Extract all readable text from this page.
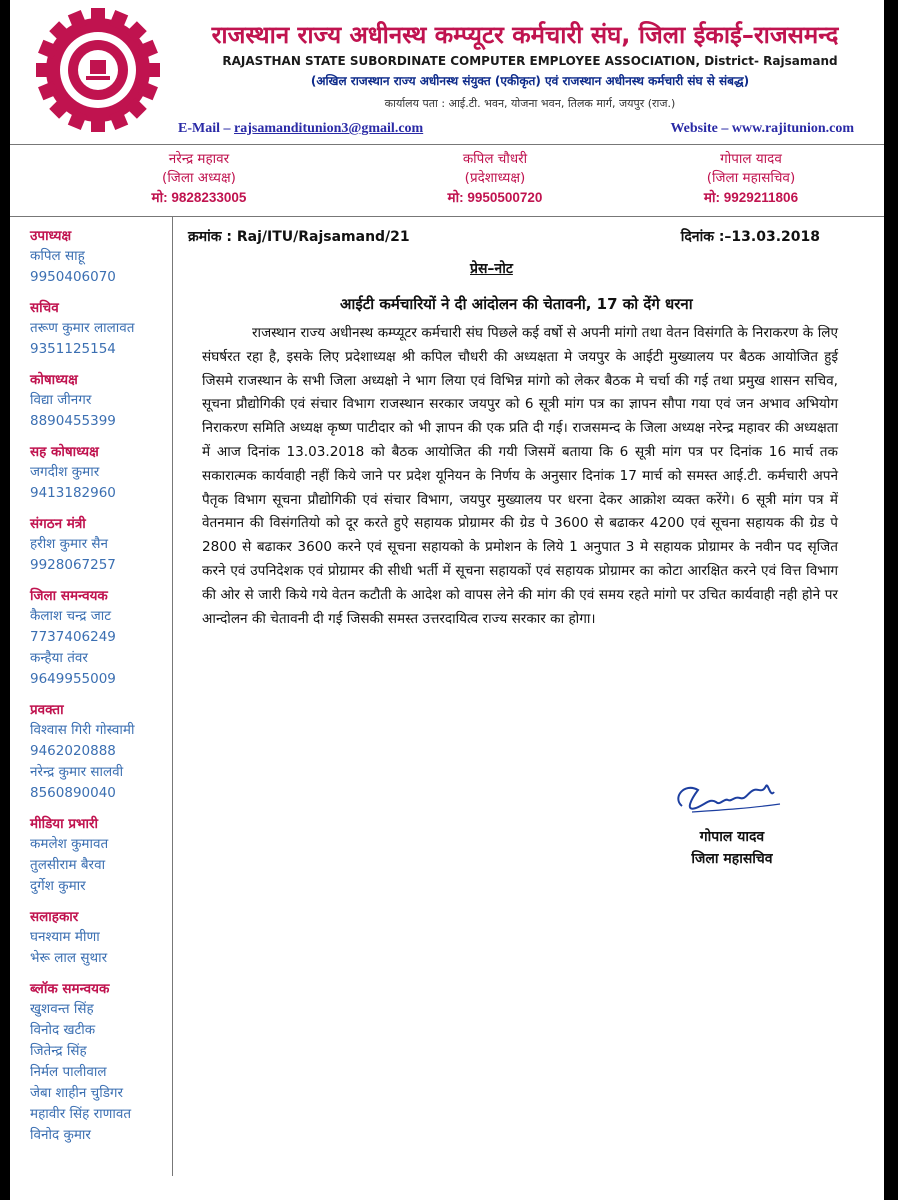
1997
राजस्थान राज्य अधीनस्थ कम्प्यूटर कर्मचारी संघ, जिला ईकाई–राजसमन्द
RAJASTHAN STATE SUBORDINATE COMPUTER EMPLOYEE ASSOCIATION, District- Rajsamand
(अखिल राजस्थान राज्य अधीनस्थ संयुक्त (एकीकृत) एवं राजस्थान अधीनस्थ कर्मचारी संघ से संबद्ध)
कार्यालय पता : आई.टी. भवन, योजना भवन, तिलक मार्ग, जयपुर (राज.)
E-Mail – rajsamanditunion3@gmail.com	Website – www.rajitunion.com
नरेन्द्र महावर
(जिला अध्यक्ष)
मो: 9828233005
कपिल चौधरी
(प्रदेशाध्यक्ष)
मो: 9950500720
गोपाल यादव
(जिला महासचिव)
मो: 9929211806
उपाध्यक्ष
कपिल साहू
9950406070
सचिव
तरूण कुमार लालावत
9351125154
कोषाध्यक्ष
विद्या जीनगर
8890455399
सह कोषाध्यक्ष
जगदीश कुमार
9413182960
संगठन मंत्री
हरीश कुमार सैन
9928067257
जिला समन्वयक
कैलाश चन्द्र जाट
7737406249
कन्हैया तंवर
9649955009
प्रवक्ता
विश्वास गिरी गोस्वामी
9462020888
नरेन्द्र कुमार सालवी
8560890040
मीडिया प्रभारी
कमलेश कुमावत
तुलसीराम बैरवा
दुर्गेश कुमार
सलाहकार
घनश्याम मीणा
भेरू लाल सुथार
ब्लॉक समन्वयक
खुशवन्त सिंह
विनोद खटीक
जितेन्द्र सिंह
निर्मल पालीवाल
जेबा शाहीन चुडिगर
महावीर सिंह राणावत
विनोद कुमार
क्रमांक : Raj/ITU/Rajsamand/21	दिनांक :–13.03.2018
प्रेस–नोट
आईटी कर्मचारियों ने दी आंदोलन की चेतावनी, 17 को देंगे धरना
राजस्थान राज्य अधीनस्थ कम्प्यूटर कर्मचारी संघ पिछले कई वर्षो से अपनी मांगो तथा वेतन विसंगति के निराकरण के लिए संघर्षरत रहा है, इसके लिए प्रदेशाध्यक्ष श्री कपिल चौधरी की अध्यक्षता मे जयपुर के आईटी मुख्यालय पर बैठक आयोजित हुई जिसमे राजस्थान के सभी जिला अध्यक्षो ने भाग लिया एवं विभिन्न मांगो को लेकर बैठक मे चर्चा की गई तथा प्रमुख शासन सचिव, सूचना प्रौद्योगिकी एवं संचार विभाग राजस्थान सरकार जयपुर को 6 सूत्री मांग पत्र का ज्ञापन सौपा गया एवं जन अभाव अभियोग निराकरण समिति अध्यक्ष कृष्ण पाटीदार को भी ज्ञापन की एक प्रति दी गई। राजसमन्द के जिला अध्यक्ष नरेन्द्र महावर की अध्यक्षता में आज दिनांक 13.03.2018 को बैठक आयोजित की गयी जिसमें बताया कि 6 सूत्री मांग पत्र पर दिनांक 16 मार्च तक सकारात्मक कार्यवाही नहीं किये जाने पर प्रदेश यूनियन के निर्णय के अनुसार दिनांक 17 मार्च को समस्त आई.टी. कर्मचारी अपने पैतृक विभाग सूचना प्रौद्योगिकी एवं संचार विभाग, जयपुर मुख्यालय पर धरना देकर आक्रोश व्यक्त करेंगे। 6 सूत्री मांग पत्र में वेतनमान की विसंगतियो को दूर करते हुऐ सहायक प्रोग्रामर की ग्रेड पे 3600 से बढाकर 4200 एवं सूचना सहायक की ग्रेड पे 2800 से बढाकर 3600 करने एवं सूचना सहायको के प्रमोशन के लिये 1 अनुपात 3 मे सहायक प्रोग्रामर के नवीन पद सृजित करने एवं उपनिदेशक एवं प्रोग्रामर की सीधी भर्ती में सूचना सहायकों एवं सहायक प्रोग्रामर का कोटा आरक्षित करने एवं वित्त विभाग की ओर से जारी किये गये वेतन कटौती के आदेश को वापस लेने की मांग की एवं समय रहते मांगो पर उचित कार्यवाही नही होने पर आन्दोलन की चेतावनी दी गई जिसकी समस्त उत्तरदायित्व राज्य सरकार का होगा।
गोपाल यादव
जिला महासचिव
